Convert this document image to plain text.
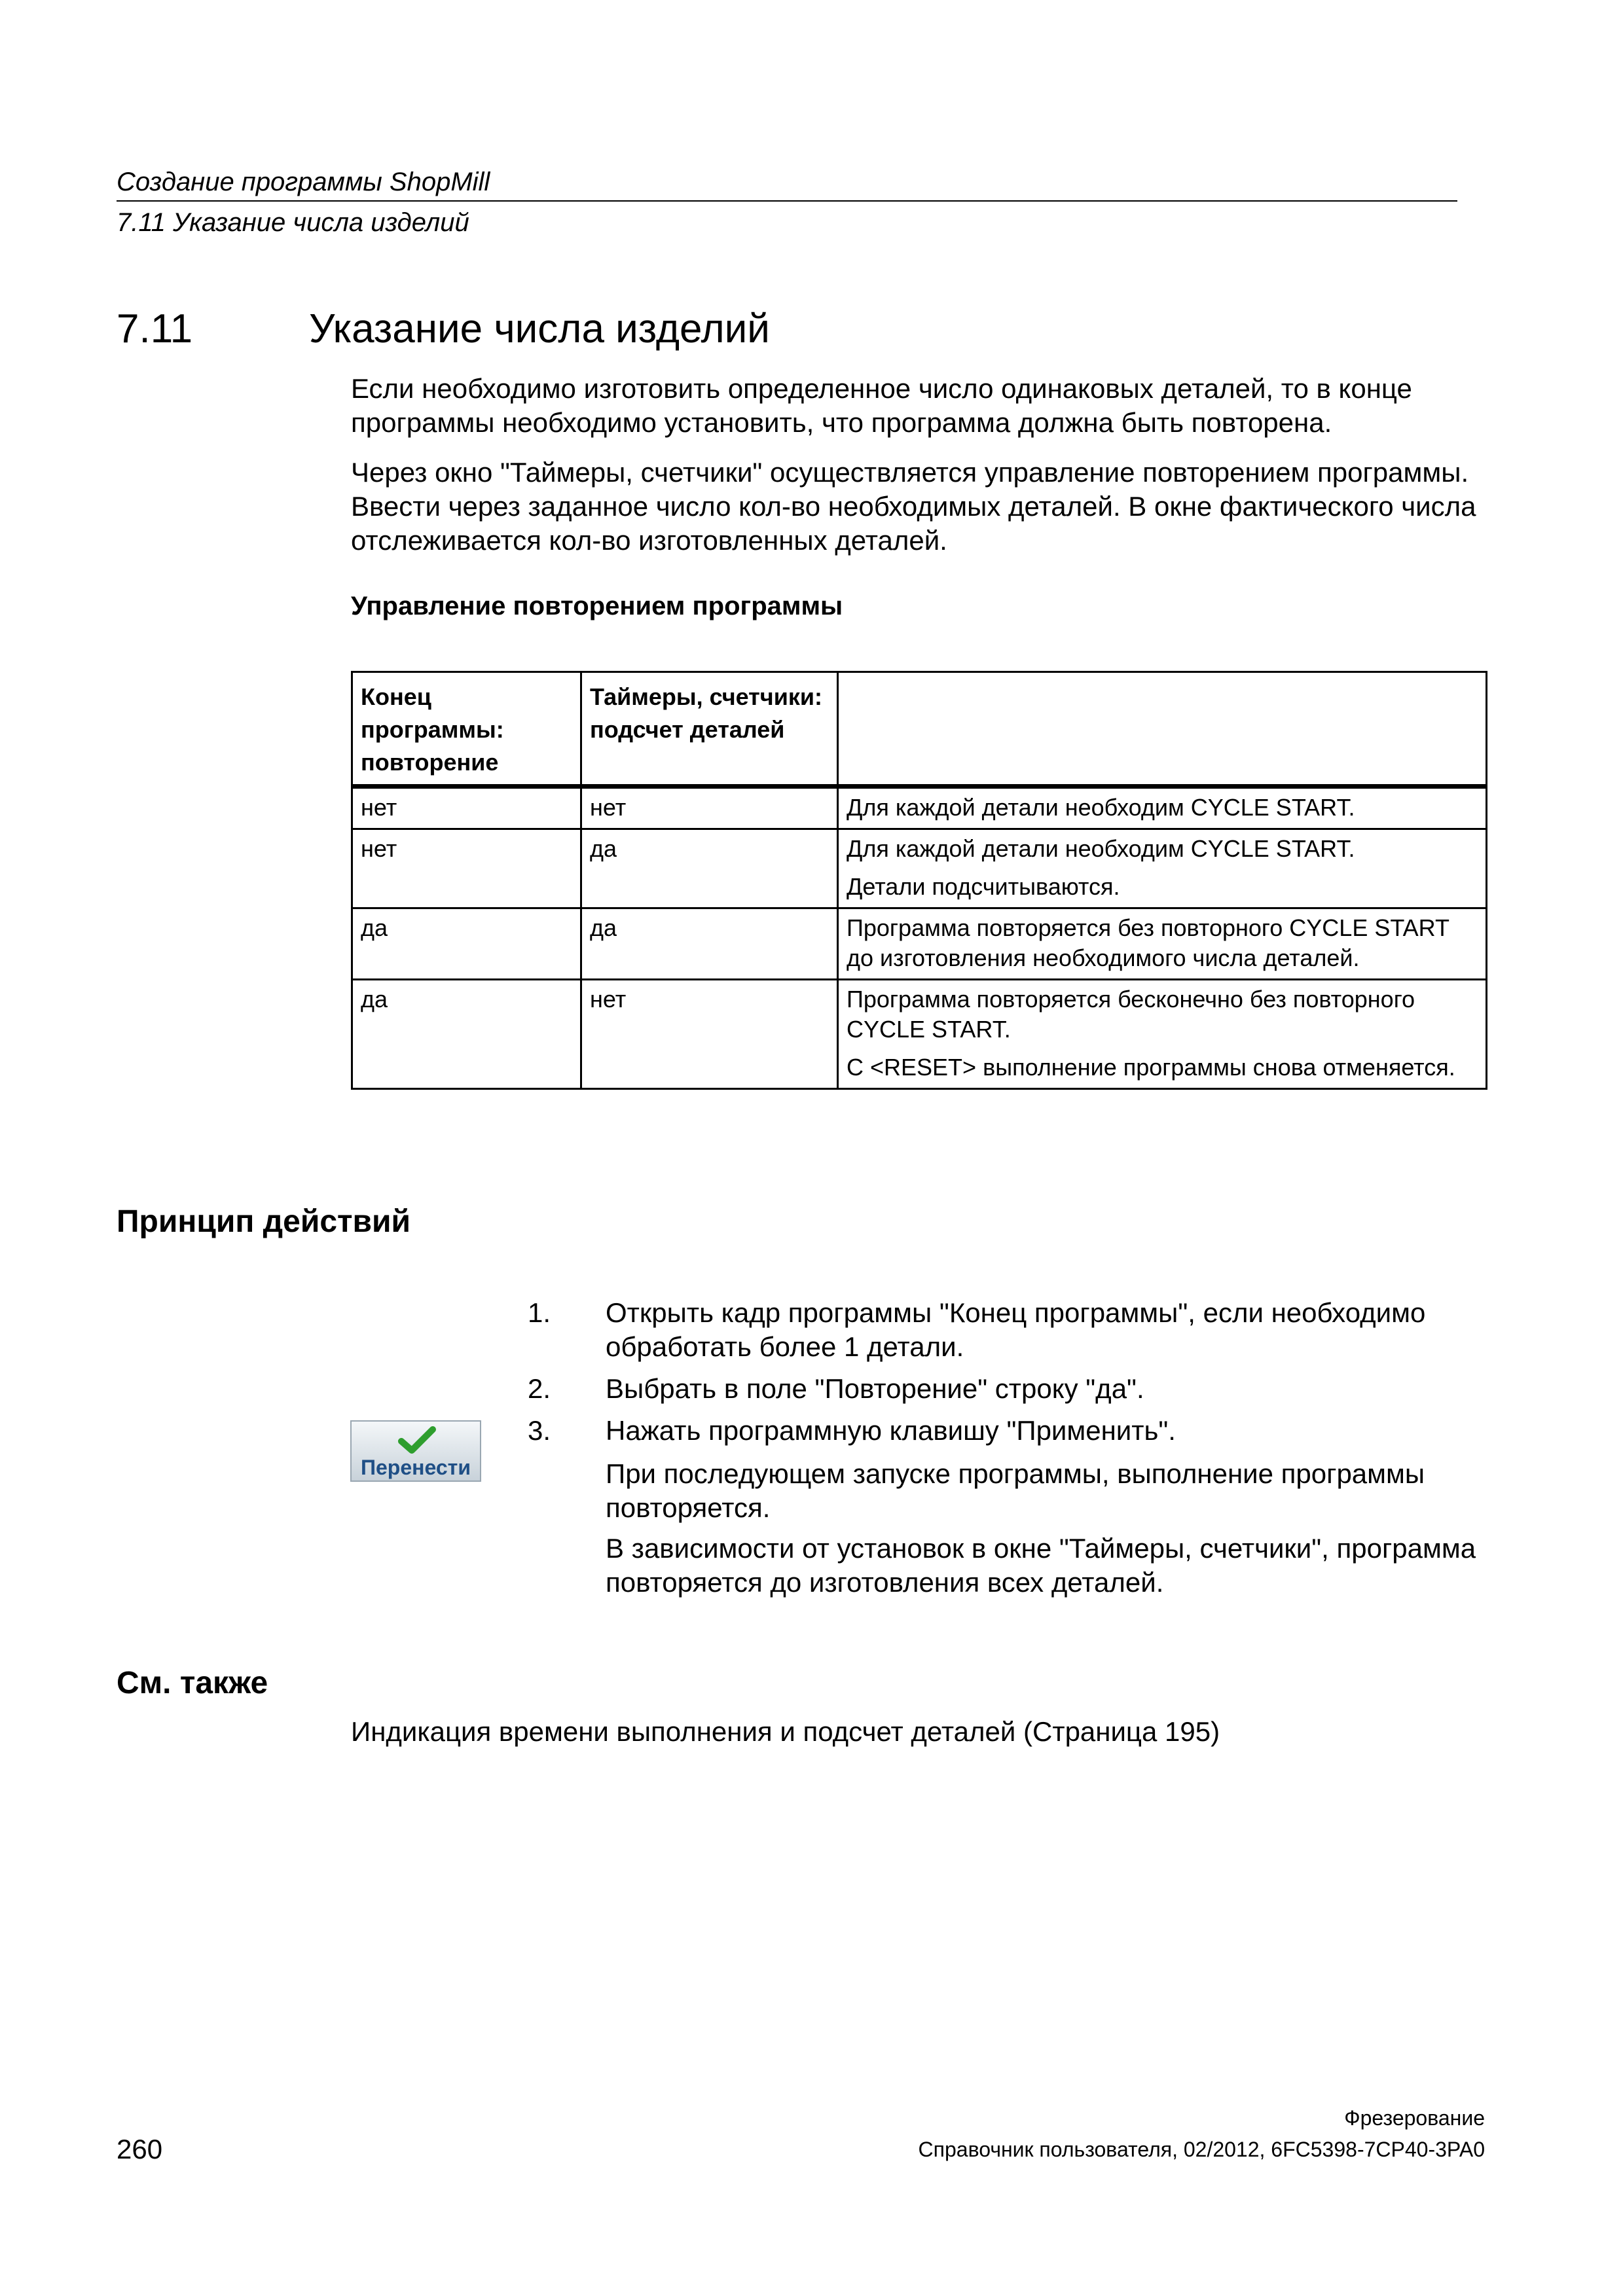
Создание программы ShopMill
7.11 Указание числа изделий
7.11	Указание числа изделий
Если необходимо изготовить определенное число одинаковых деталей, то в конце программы необходимо установить, что программа должна быть повторена.
Через окно "Таймеры, счетчики" осуществляется управление повторением программы. Ввести через заданное число кол-во необходимых деталей. В окне фактического числа отслеживается кол-во изготовленных деталей.
Управление повторением программы
Конец программы: повторение	Таймеры, счетчики: подсчет деталей	
нет	нет	Для каждой детали необходим CYCLE START.

нет	да	Для каждой детали необходим CYCLE START.
Детали подсчитываются.

да	да	Программа повторяется без повторного CYCLE START до изготовления необходимого числа деталей.

да	нет	Программа повторяется бесконечно без повторного CYCLE START.
С <RESET> выполнение программы снова отменяется.
Принцип действий
1. Открыть кадр программы "Конец программы", если необходимо обработать более 1 детали.
2. Выбрать в поле "Повторение" строку "да".
3. Нажать программную клавишу "Применить".
При последующем запуске программы, выполнение программы повторяется.
В зависимости от установок в окне "Таймеры, счетчики", программа повторяется до изготовления всех деталей.
Перенести
См. также
Индикация времени выполнения и подсчет деталей (Страница 195)
260
Фрезерование
Справочник пользователя, 02/2012, 6FC5398-7CP40-3PA0
